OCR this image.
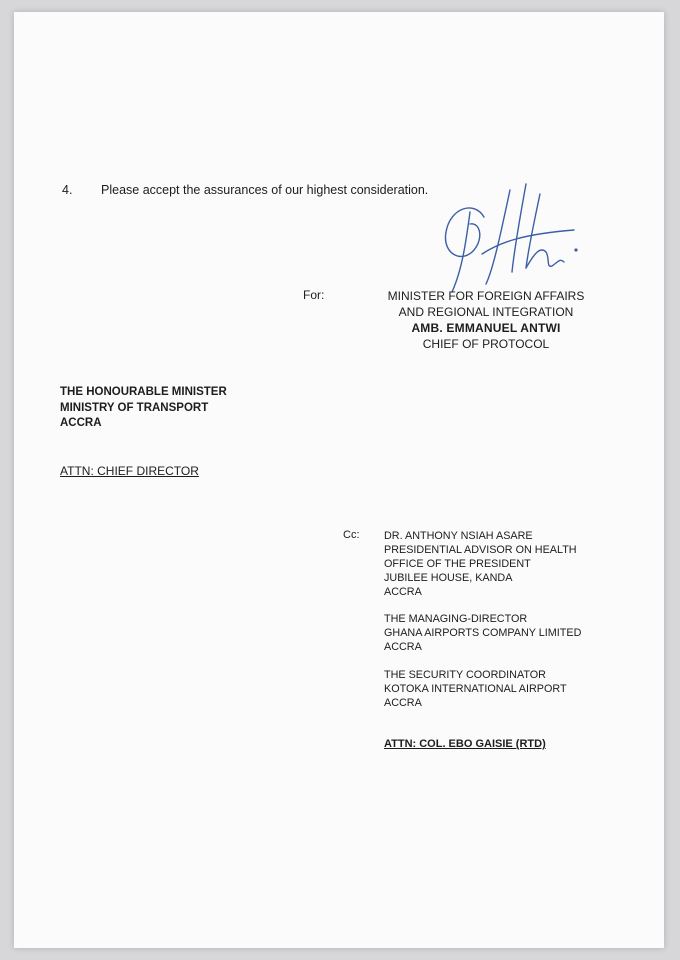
4. Please accept the assurances of our highest consideration.
For:	MINISTER FOR FOREIGN AFFAIRS
AND REGIONAL INTEGRATION
AMB. EMMANUEL ANTWI
CHIEF OF PROTOCOL
THE HONOURABLE MINISTER
MINISTRY OF TRANSPORT
ACCRA
ATTN: CHIEF DIRECTOR
Cc: DR. ANTHONY NSIAH ASARE
PRESIDENTIAL ADVISOR ON HEALTH
OFFICE OF THE PRESIDENT
JUBILEE HOUSE, KANDA
ACCRA
THE MANAGING-DIRECTOR
GHANA AIRPORTS COMPANY LIMITED
ACCRA
THE SECURITY COORDINATOR
KOTOKA INTERNATIONAL AIRPORT
ACCRA
ATTN: COL. EBO GAISIE (RTD)
